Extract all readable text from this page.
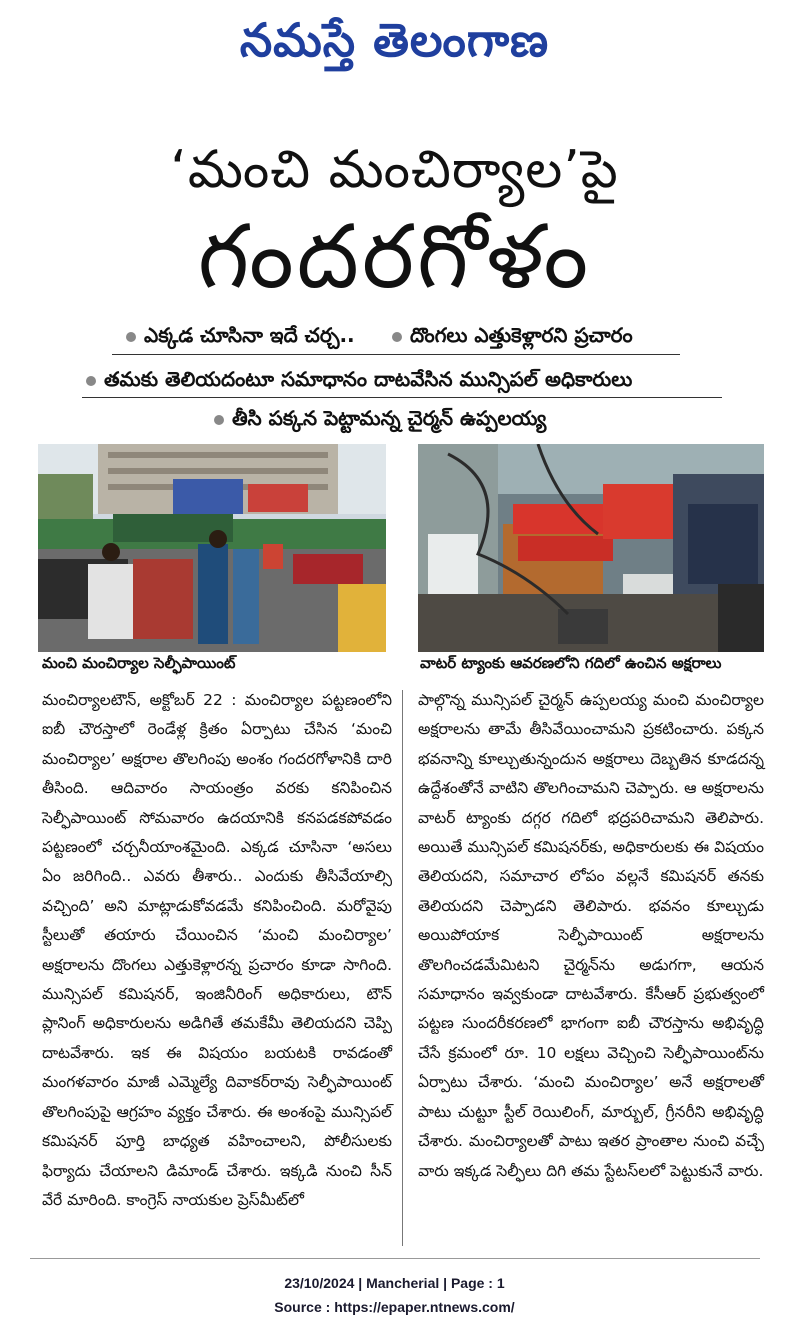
నమస్తే తెలంగాణ
‘మంచి మంచిర్యాల’పై
గందరగోళం
ఎక్కడ చూసినా ఇదే చర్చ..	దొంగలు ఎత్తుకెళ్లారని ప్రచారం
తమకు తెలియదంటూ సమాధానం దాటవేసిన మున్సిపల్ అధికారులు
తీసి పక్కన పెట్టామన్న చైర్మన్ ఉప్పలయ్య
మంచి మంచిర్యాల సెల్ఫీపాయింట్	వాటర్ ట్యాంకు ఆవరణలోని గదిలో ఉంచిన అక్షరాలు

మంచిర్యాలటౌన్, అక్టోబర్ 22 : మంచిర్యాల పట్టణంలోని ఐబీ చౌరస్తాలో రెండేళ్ల క్రితం ఏర్పాటు చేసిన ‘మంచి మంచిర్యాల’ అక్షరాల తొలగింపు అంశం గందరగోళానికి దారి తీసింది. ఆదివారం సాయంత్రం వరకు కనిపించిన సెల్ఫీపాయింట్ సోమవారం ఉదయానికి కనపడకపోవడం పట్టణంలో చర్చనీయాంశమైంది. ఎక్కడ చూసినా ‘అసలు ఏం జరిగింది.. ఎవరు తీశారు.. ఎందుకు తీసివేయాల్సి వచ్చింది’ అని మాట్లాడుకోవడమే కనిపించింది. మరోవైపు స్టీలుతో తయారు చేయించిన ‘మంచి మంచిర్యాల’ అక్షరాలను దొంగలు ఎత్తుకెళ్లారన్న ప్రచారం కూడా సాగింది. మున్సిపల్ కమిషనర్, ఇంజినీరింగ్ అధికారులు, టౌన్ ప్లానింగ్ అధికారులను అడిగితే తమకేమీ తెలియదని చెప్పి దాటవేశారు. ఇక ఈ విషయం బయటకి రావడంతో మంగళవారం మాజీ ఎమ్మెల్యే దివాకర్‌రావు సెల్ఫీపాయింట్ తొలగింపుపై ఆగ్రహం వ్యక్తం చేశారు. ఈ అంశంపై మున్సిపల్ కమిషనర్ పూర్తి బాధ్యత వహించాలని, పోలీసులకు ఫిర్యాదు చేయాలని డిమాండ్ చేశారు. ఇక్కడి నుంచి సీన్ వేరే మారింది. కాంగ్రెస్ నాయకుల ప్రెస్‌మీట్‌లో

పాల్గొన్న మున్సిపల్ చైర్మన్ ఉప్పలయ్య మంచి మంచిర్యాల అక్షరాలను తామే తీసివేయించామని ప్రకటించారు. పక్కన భవనాన్ని కూల్చుతున్నందున అక్షరాలు దెబ్బతిన కూడదన్న ఉద్దేశంతోనే వాటిని తొలగించామని చెప్పారు. ఆ అక్షరాలను వాటర్ ట్యాంకు దగ్గర గదిలో భద్రపరిచామని తెలిపారు. అయితే మున్సిపల్ కమిషనర్‌కు, అధికారులకు ఈ విషయం తెలియదని, సమాచార లోపం వల్లనే కమిషనర్ తనకు తెలియదని చెప్పాడని తెలిపారు. భవనం కూల్చుడు అయిపోయాక సెల్ఫీపాయింట్ అక్షరాలను తొలగించడమేమిటని చైర్మన్‌ను అడుగగా, ఆయన సమాధానం ఇవ్వకుండా దాటవేశారు. కేసీఆర్ ప్రభుత్వంలో పట్టణ సుందరీకరణలో భాగంగా ఐబీ చౌరస్తాను అభివృద్ధి చేసే క్రమంలో రూ. 10 లక్షలు వెచ్చించి సెల్ఫీపాయింట్‌ను ఏర్పాటు చేశారు. ‘మంచి మంచిర్యాల’ అనే అక్షరాలతో పాటు చుట్టూ స్టీల్ రెయిలింగ్, మార్బుల్, గ్రీనరీని అభివృద్ధి చేశారు. మంచిర్యాలతో పాటు ఇతర ప్రాంతాల నుంచి వచ్చే వారు ఇక్కడ సెల్ఫీలు దిగి తమ స్టేటస్‌లలో పెట్టుకునే వారు.

23/10/2024 | Mancherial | Page : 1
Source : https://epaper.ntnews.com/
